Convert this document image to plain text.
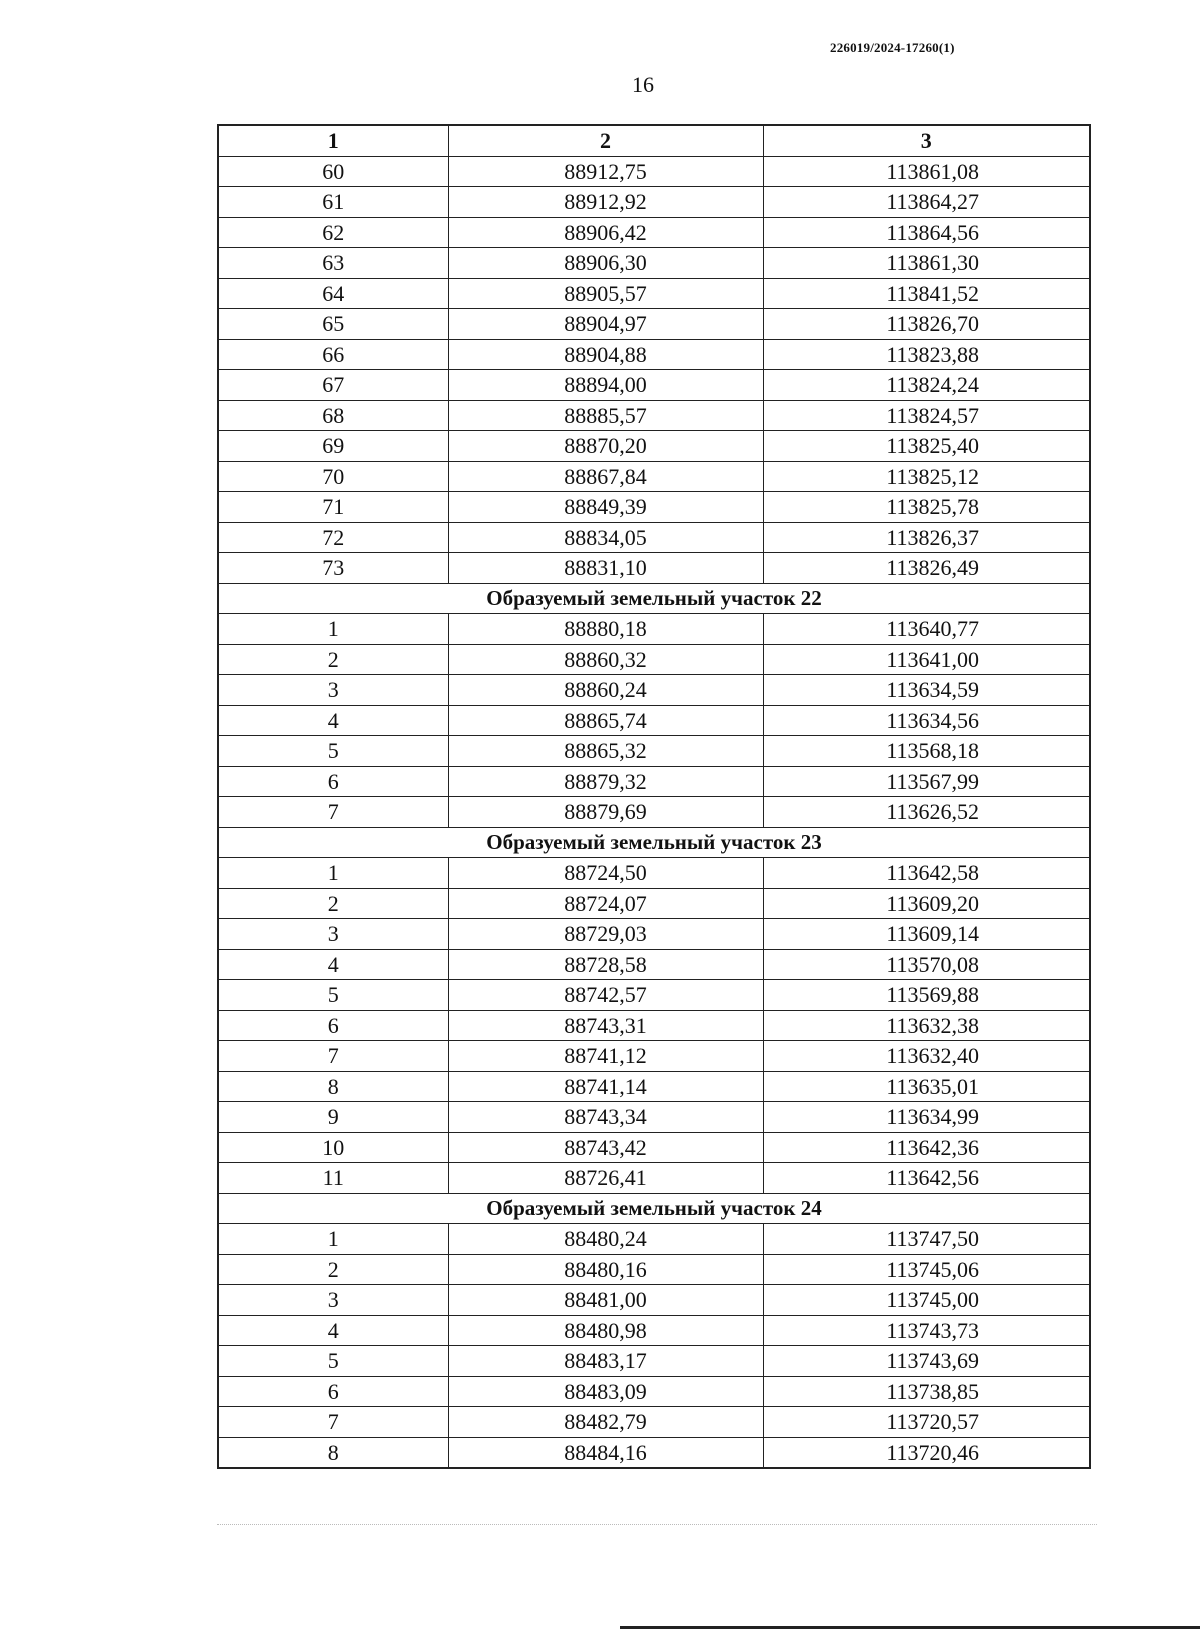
226019/2024-17260(1)
16
1	2	3
60	88912,75	113861,08
61	88912,92	113864,27
62	88906,42	113864,56
63	88906,30	113861,30
64	88905,57	113841,52
65	88904,97	113826,70
66	88904,88	113823,88
67	88894,00	113824,24
68	88885,57	113824,57
69	88870,20	113825,40
70	88867,84	113825,12
71	88849,39	113825,78
72	88834,05	113826,37
73	88831,10	113826,49
Образуемый земельный участок 22		
1	88880,18	113640,77
2	88860,32	113641,00
3	88860,24	113634,59
4	88865,74	113634,56
5	88865,32	113568,18
6	88879,32	113567,99
7	88879,69	113626,52
Образуемый земельный участок 23		
1	88724,50	113642,58
2	88724,07	113609,20
3	88729,03	113609,14
4	88728,58	113570,08
5	88742,57	113569,88
6	88743,31	113632,38
7	88741,12	113632,40
8	88741,14	113635,01
9	88743,34	113634,99
10	88743,42	113642,36
11	88726,41	113642,56
Образуемый земельный участок 24		
1	88480,24	113747,50
2	88480,16	113745,06
3	88481,00	113745,00
4	88480,98	113743,73
5	88483,17	113743,69
6	88483,09	113738,85
7	88482,79	113720,57
8	88484,16	113720,46
